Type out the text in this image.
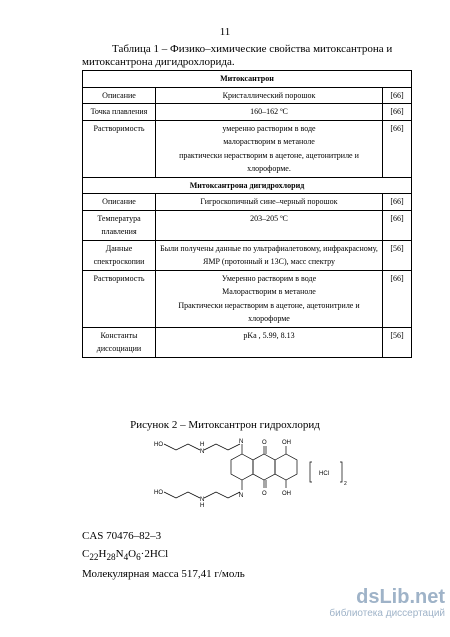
11
Таблица 1 – Физико–химические свойства митоксантрона и митоксантрона дигидрохлорида.
Митоксантрон		
Описание	Кристаллический порошок	[66]
Точка плавления	160–162 ºC	[66]
Растворимость	умеренно растворим в воде
малорастворим в метаноле
практически нерастворим в ацетоне, ацетонитриле и хлороформе.	[66]
Митоксантрона дигидрохлорид		
Описание	Гигроскопичный сине–черный порошок	[66]
Температура плавления	203–205 ºC	[66]
Данные спектроскопии	Были получены данные по ультрафиалетовому, инфракрасному, ЯМР (протонный и 13С), масс спектру	[56]
Растворимость	Умеренно растворим в воде
Малорастворим в метаноле
Практически нерастворим в ацетоне, ацетонитриле и хлороформе	[66]
Константы диссоциации	pKa , 5.99, 8.13	[56]
Рисунок 2 – Митоксантрон гидрохлорид
HO
N
H	N
HO
N
H
N
O
O
OH
OH
HCl
2
CAS 70476–82–3
$C_{22}H_{28}N_4O_6\cdot 2HCl$
Молекулярная масса 517,41 г/моль
dsLib.net
библиотека диссертаций
